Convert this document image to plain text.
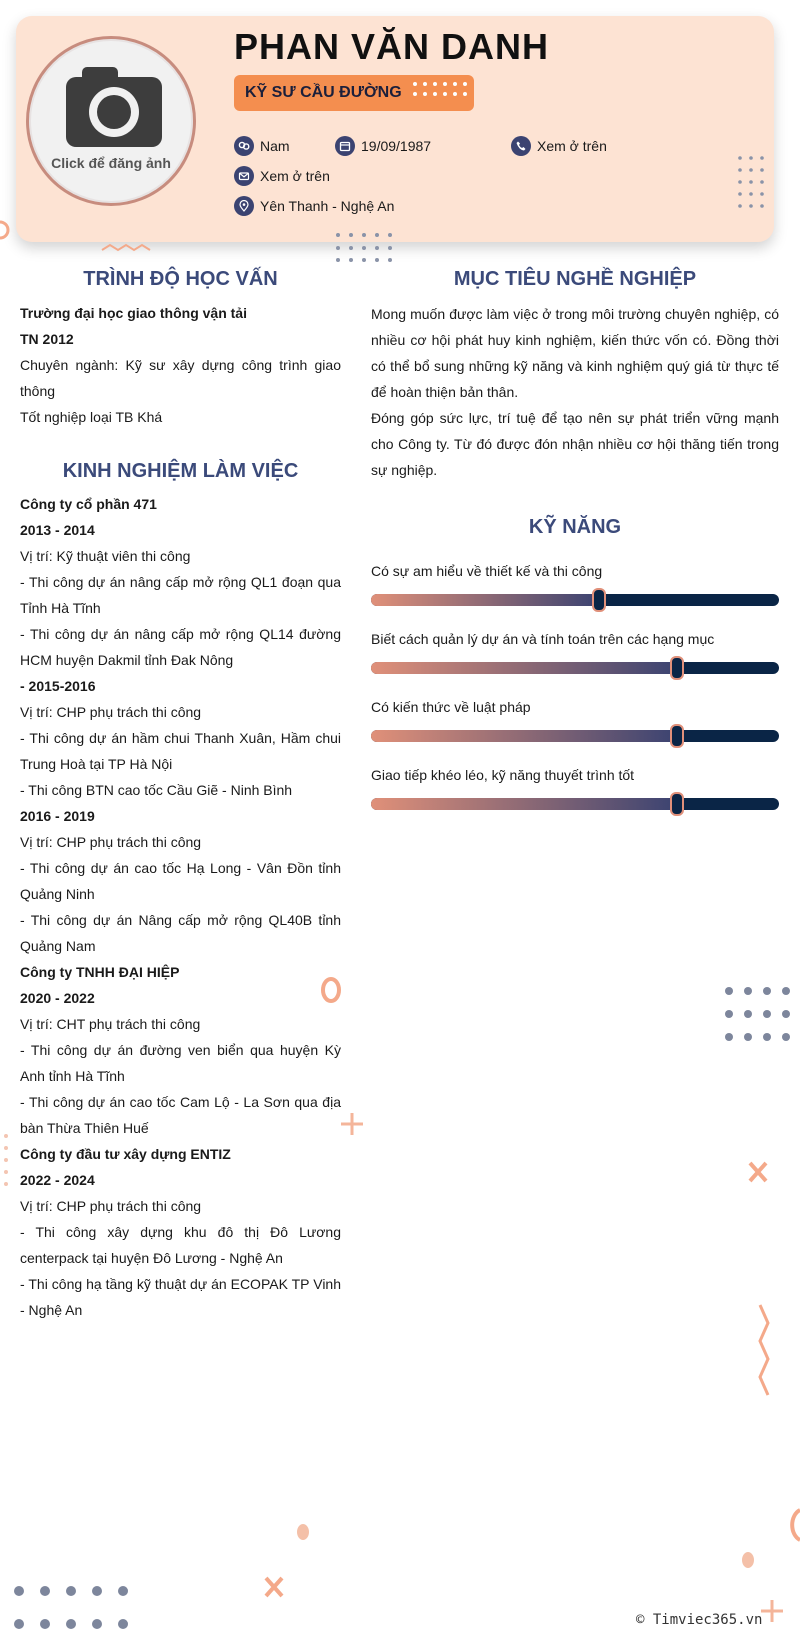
Click để đăng ảnh
PHAN VĂN DANH
KỸ SƯ CẦU ĐƯỜNG
Nam	19/09/1987	Xem ở trên
Xem ở trên
Yên Thanh - Nghệ An
TRÌNH ĐỘ HỌC VẤN
Trường đại học giao thông vận tải
TN 2012
Chuyên ngành: Kỹ sư xây dựng công trình giao thông
Tốt nghiệp loại TB Khá
KINH NGHIỆM LÀM VIỆC
Công ty cổ phần 471
2013 - 2014
Vị trí: Kỹ thuật viên thi công
- Thi công dự án nâng cấp mở rộng QL1 đoạn qua Tỉnh Hà Tĩnh
- Thi công dự án nâng cấp mở rộng QL14 đường HCM huyện Dakmil tỉnh Đak Nông
- 2015-2016
Vị trí: CHP phụ trách thi công
- Thi công dự án hầm chui Thanh Xuân, Hầm chui Trung Hoà tại TP Hà Nội
- Thi công BTN cao tốc Cầu Giẽ - Ninh Bình
2016 - 2019
Vị trí: CHP phụ trách thi công
- Thi công dự án cao tốc Hạ Long - Vân Đồn tỉnh Quảng Ninh
- Thi công dự án Nâng cấp mở rộng QL40B tỉnh Quảng Nam
Công ty TNHH ĐẠI HIỆP
2020 - 2022
Vị trí: CHT phụ trách thi công
- Thi công dự án đường ven biển qua huyện Kỳ Anh tỉnh Hà Tĩnh
- Thi công dự án cao tốc Cam Lộ - La Sơn qua địa bàn Thừa Thiên Huế
Công ty đầu tư xây dựng ENTIZ
2022 - 2024
Vị trí: CHP phụ trách thi công
- Thi công xây dựng khu đô thị Đô Lương centerpack tại huyện Đô Lương - Nghệ An
- Thi công hạ tầng kỹ thuật dự án ECOPAK TP Vinh - Nghệ An
MỤC TIÊU NGHỀ NGHIỆP
Mong muốn được làm việc ở trong môi trường chuyên nghiệp, có nhiều cơ hội phát huy kinh nghiệm, kiến thức vốn có. Đồng thời có thể bổ sung những kỹ năng và kinh nghiệm quý giá từ thực tế để hoàn thiện bản thân.
Đóng góp sức lực, trí tuệ để tạo nên sự phát triển vững mạnh cho Công ty. Từ đó được đón nhận nhiều cơ hội thăng tiến trong sự nghiệp.
KỸ NĂNG
Có sự am hiểu về thiết kế và thi công
Biết cách quản lý dự án và tính toán trên các hạng mục
Có kiến thức về luật pháp
Giao tiếp khéo léo, kỹ năng thuyết trình tốt
© Timviec365.vn
